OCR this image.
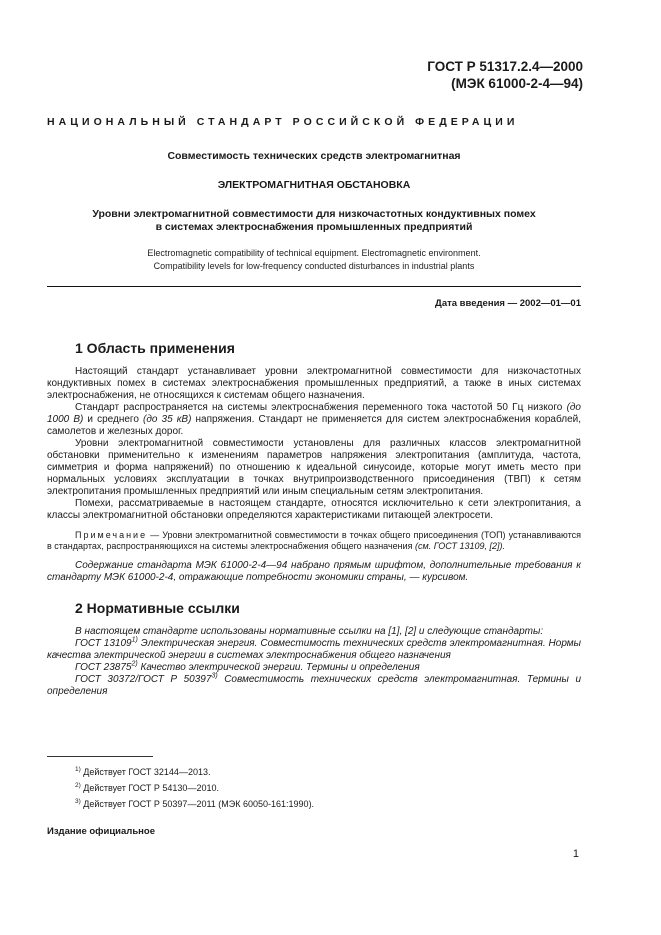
ГОСТ Р 51317.2.4—2000
(МЭК 61000-2-4—94)
НАЦИОНАЛЬНЫЙ СТАНДАРТ РОССИЙСКОЙ ФЕДЕРАЦИИ
Совместимость технических средств электромагнитная
ЭЛЕКТРОМАГНИТНАЯ ОБСТАНОВКА
Уровни электромагнитной совместимости для низкочастотных кондуктивных помех
в системах электроснабжения промышленных предприятий
Electromagnetic compatibility of technical equipment. Electromagnetic environment.
Compatibility levels for low-frequency conducted disturbances in industrial plants
Дата введения — 2002—01—01
1 Область применения

Настоящий стандарт устанавливает уровни электромагнитной совместимости для низкочастотных кондуктивных помех в системах электроснабжения промышленных предприятий, а также в иных системах электроснабжения, не относящихся к системам общего назначения.

Стандарт распространяется на системы электроснабжения переменного тока частотой 50 Гц низкого (до 1000 В) и среднего (до 35 кВ) напряжения. Стандарт не применяется для систем электроснабжения кораблей, самолетов и железных дорог.

Уровни электромагнитной совместимости установлены для различных классов электромагнитной обстановки применительно к изменениям параметров напряжения электропитания (амплитуда, частота, симметрия и форма напряжений) по отношению к идеальной синусоиде, которые могут иметь место при нормальных условиях эксплуатации в точках внутрипроизводственного присоединения (ТВП) к сетям электропитания промышленных предприятий или иным специальным сетям электропитания.

Помехи, рассматриваемые в настоящем стандарте, относятся исключительно к сети электропитания, а классы электромагнитной обстановки определяются характеристиками питающей электросети.

Примечание — Уровни электромагнитной совместимости в точках общего присоединения (ТОП) устанавливаются в стандартах, распространяющихся на системы электроснабжения общего назначения (см. ГОСТ 13109, [2]).

Содержание стандарта МЭК 61000-2-4—94 набрано прямым шрифтом, дополнительные требования к стандарту МЭК 61000-2-4, отражающие потребности экономики страны, — курсивом.

2 Нормативные ссылки

В настоящем стандарте использованы нормативные ссылки на [1], [2] и следующие стандарты:

ГОСТ 13109$^{1)}$ Электрическая энергия. Совместимость технических средств электромагнитная. Нормы качества электрической энергии в системах электроснабжения общего назначения

ГОСТ 23875$^{2)}$ Качество электрической энергии. Термины и определения

ГОСТ 30372/ГОСТ Р 50397$^{3)}$ Совместимость технических средств электромагнитная. Термины и определения

$^{1)}$ Действует ГОСТ 32144—2013.
$^{2)}$ Действует ГОСТ Р 54130—2010.
$^{3)}$ Действует ГОСТ Р 50397—2011 (МЭК 60050-161:1990).
Издание официальное
1
